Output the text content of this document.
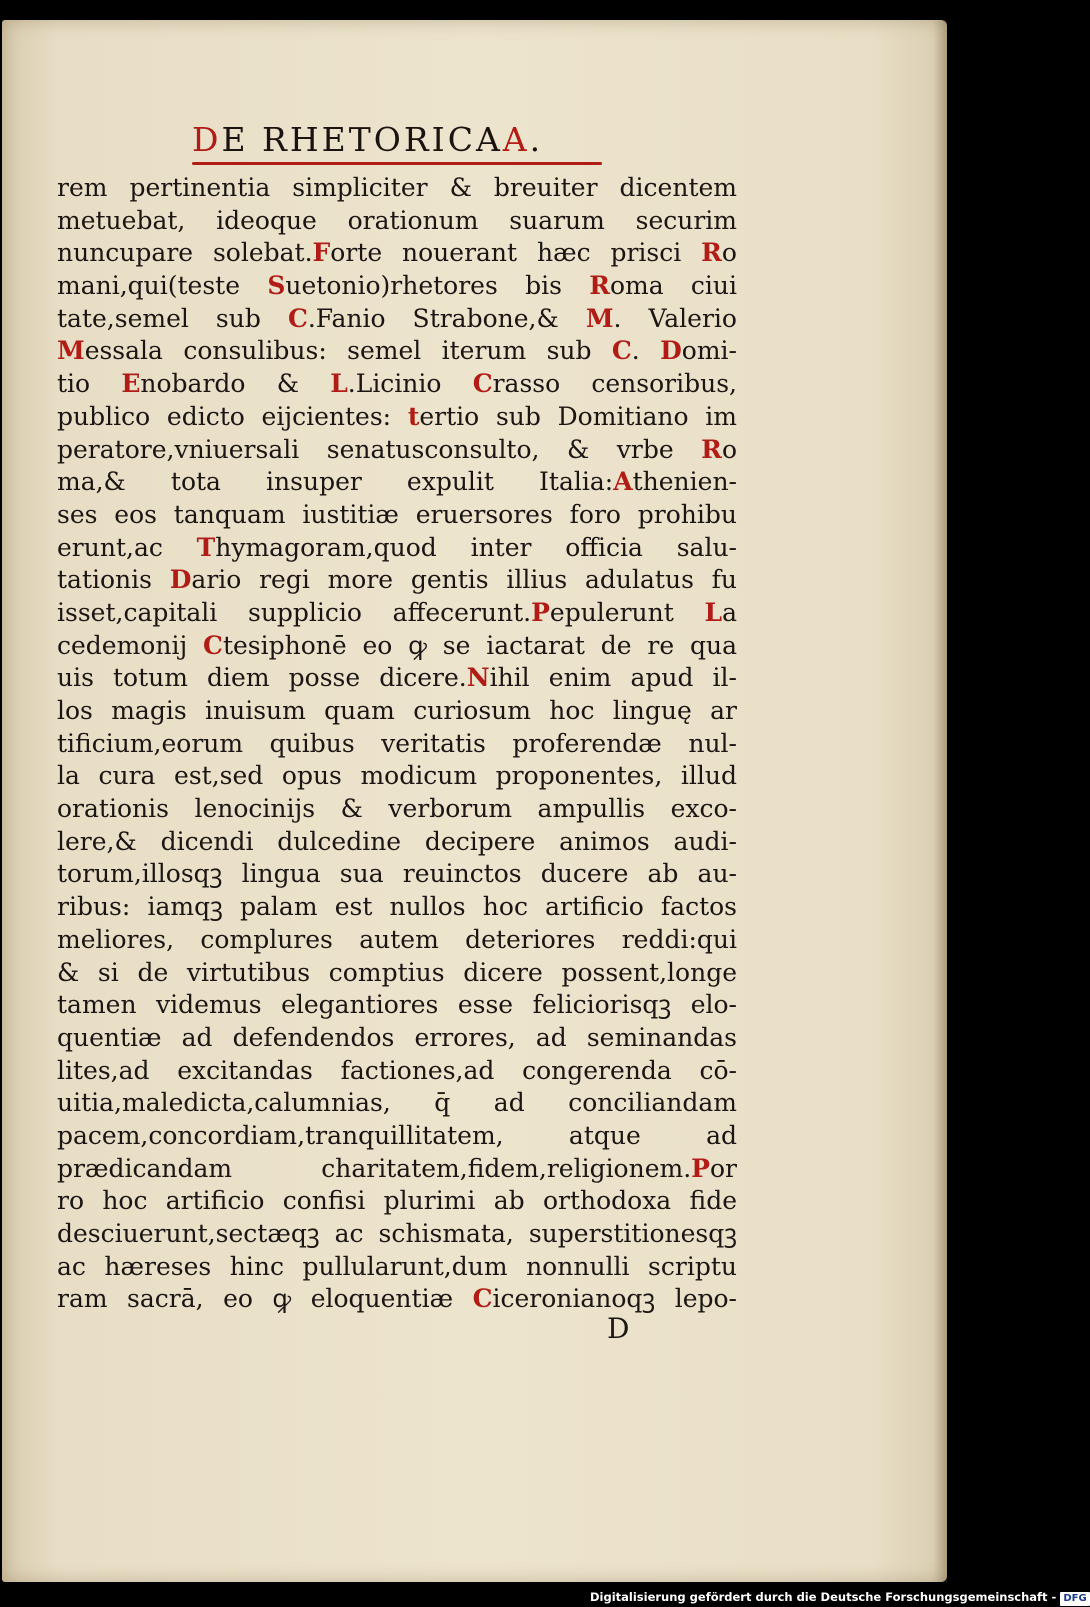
DE RHETORICAA.
rem pertinentia simpliciter & breuiter dicentem
metuebat, ideoque orationum suarum securim
nuncupare solebat.Forte nouerant hæc prisci Ro
mani,qui(teste Suetonio)rhetores bis Roma ciui
tate,semel sub C.Fanio Strabone,& M. Valerio
Messala consulibus: semel iterum sub C. Domi-
tio Enobardo & L.Licinio Crasso censoribus,
publico edicto eijcientes: tertio sub Domitiano im
peratore,vniuersali senatusconsulto, & vrbe Ro
ma,& tota insuper expulit Italia:Athenien-
ses eos tanquam iustitiæ eruersores foro prohibu
erunt,ac Thymagoram,quod inter officia salu-
tationis Dario regi more gentis illius adulatus fu
isset,capitali supplicio affecerunt.Pepulerunt La
cedemonij Ctesiphonē eo ꝙ se iactarat de re qua
uis totum diem posse dicere.Nihil enim apud il-
los magis inuisum quam curiosum hoc linguę ar
tificium,eorum quibus veritatis proferendæ nul-
la cura est,sed opus modicum proponentes, illud
orationis lenocinijs & verborum ampullis exco-
lere,& dicendi dulcedine decipere animos audi-
torum,illosqꝫ lingua sua reuinctos ducere ab au-
ribus: iamqꝫ palam est nullos hoc artificio factos
meliores, complures autem deteriores reddi:qui
& si de virtutibus comptius dicere possent,longe
tamen videmus elegantiores esse feliciorisqꝫ elo-
quentiæ ad defendendos errores, ad seminandas
lites,ad excitandas factiones,ad congerenda cō-
uitia,maledicta,calumnias, q̄ ad conciliandam
pacem,concordiam,tranquillitatem, atque ad
prædicandam charitatem,fidem,religionem.Por
ro hoc artificio confisi plurimi ab orthodoxa fide
desciuerunt,sectæqꝫ ac schismata, superstitionesqꝫ
ac hæreses hinc pullularunt,dum nonnulli scriptu
ram sacrā, eo ꝙ eloquentiæ Ciceronianoqꝫ lepo-
D
Digitalisierung gefördert durch die Deutsche Forschungsgemeinschaft - DFG
